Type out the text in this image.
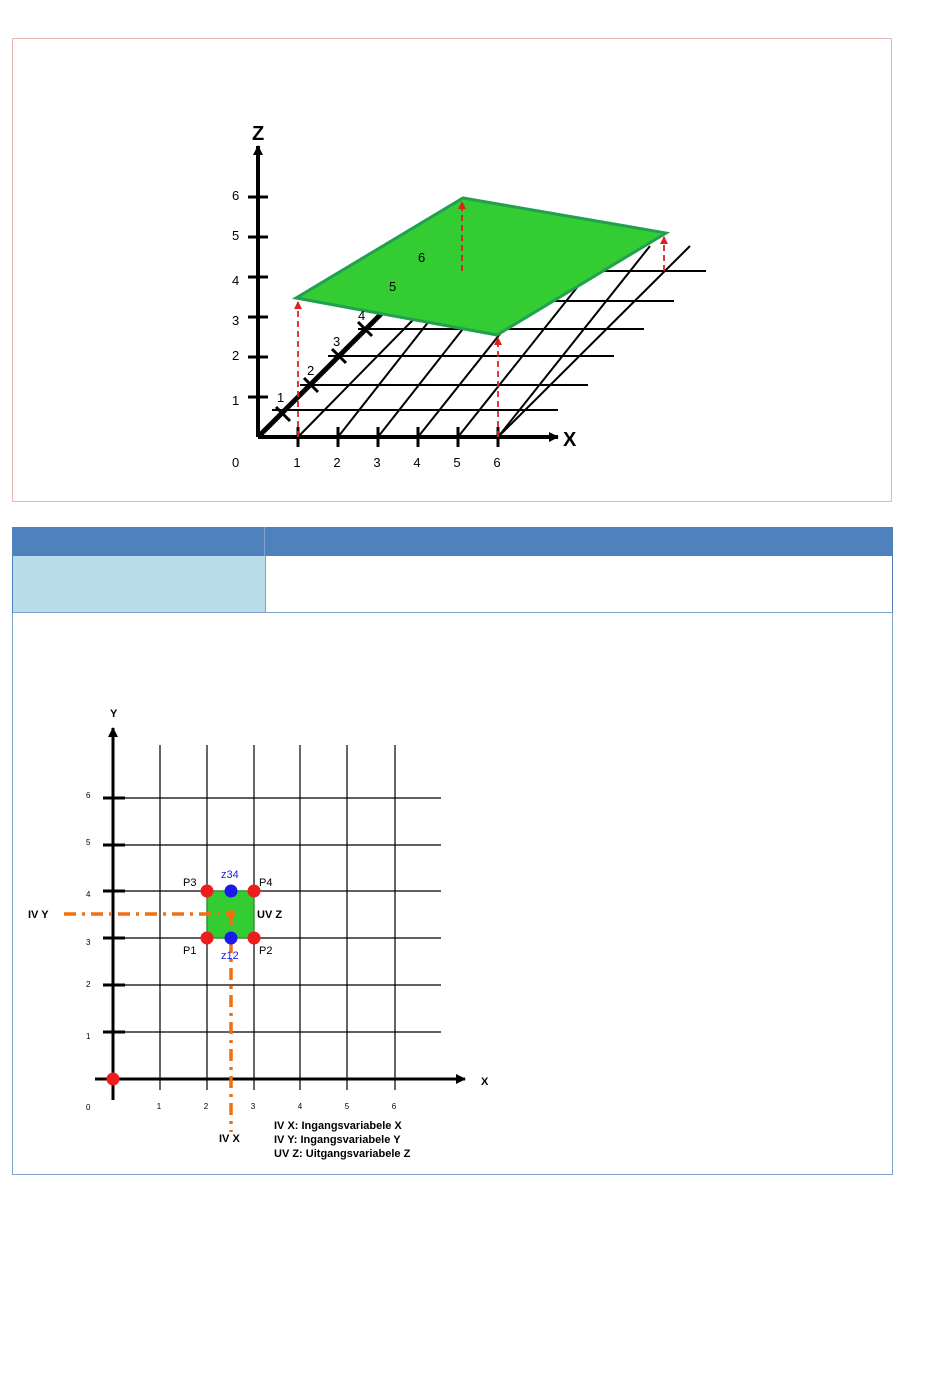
Z
X
0
1
2
3
4
5
6
1	2	3	4	5	6
1
2
3
4
5
6
Y
X
0
1
2
3
4
5
6
1	2	3	4	5	6
P3	P4
P1	P2
z34
z12
IV Y	UV Z
IV X
IV X: Ingangsvariabele X
IV Y: Ingangsvariabele Y
UV Z: Uitgangsvariabele Z
